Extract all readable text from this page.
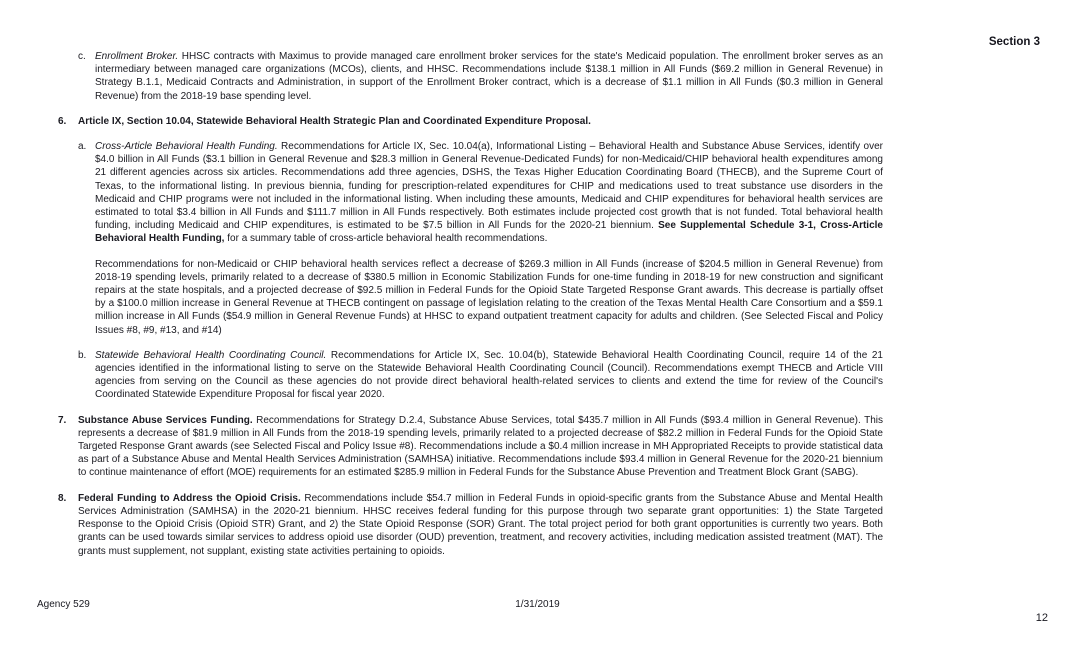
Section 3
c. Enrollment Broker. HHSC contracts with Maximus to provide managed care enrollment broker services for the state's Medicaid population. The enrollment broker serves as an intermediary between managed care organizations (MCOs), clients, and HHSC. Recommendations include $138.1 million in All Funds ($69.2 million in General Revenue) in Strategy B.1.1, Medicaid Contracts and Administration, in support of the Enrollment Broker contract, which is a decrease of $1.1 million in All Funds ($0.3 million in General Revenue) from the 2018-19 base spending level.
6.	Article IX, Section 10.04, Statewide Behavioral Health Strategic Plan and Coordinated Expenditure Proposal.
a. Cross-Article Behavioral Health Funding. Recommendations for Article IX, Sec. 10.04(a), Informational Listing – Behavioral Health and Substance Abuse Services, identify over $4.0 billion in All Funds ($3.1 billion in General Revenue and $28.3 million in General Revenue-Dedicated Funds) for non-Medicaid/CHIP behavioral health expenditures among 21 different agencies across six articles. Recommendations add three agencies, DSHS, the Texas Higher Education Coordinating Board (THECB), and the Supreme Court of Texas, to the informational listing. In previous biennia, funding for prescription-related expenditures for CHIP and medications used to treat substance use disorders in the Medicaid and CHIP programs were not included in the informational listing. When including these amounts, Medicaid and CHIP expenditures for behavioral health services are estimated to total $3.4 billion in All Funds and $111.7 million in All Funds respectively. Both estimates include projected cost growth that is not funded. Total behavioral health funding, including Medicaid and CHIP expenditures, is estimated to be $7.5 billion in All Funds for the 2020-21 biennium. See Supplemental Schedule 3-1, Cross-Article Behavioral Health Funding, for a summary table of cross-article behavioral health recommendations.
Recommendations for non-Medicaid or CHIP behavioral health services reflect a decrease of $269.3 million in All Funds (increase of $204.5 million in General Revenue) from 2018-19 spending levels, primarily related to a decrease of $380.5 million in Economic Stabilization Funds for one-time funding in 2018-19 for new construction and significant repairs at the state hospitals, and a projected decrease of $92.5 million in Federal Funds for the Opioid State Targeted Response Grant awards. This decrease is partially offset by a $100.0 million increase in General Revenue at THECB contingent on passage of legislation relating to the creation of the Texas Mental Health Care Consortium and a $59.1 million increase in All Funds ($54.9 million in General Revenue Funds) at HHSC to expand outpatient treatment capacity for adults and children. (See Selected Fiscal and Policy Issues #8, #9, #13, and #14)
b. Statewide Behavioral Health Coordinating Council. Recommendations for Article IX, Sec. 10.04(b), Statewide Behavioral Health Coordinating Council, require 14 of the 21 agencies identified in the informational listing to serve on the Statewide Behavioral Health Coordinating Council (Council). Recommendations exempt THECB and Article VIII agencies from serving on the Council as these agencies do not provide direct behavioral health-related services to clients and extend the time for review of the Council's Coordinated Statewide Expenditure Proposal for fiscal year 2020.
7.	Substance Abuse Services Funding. Recommendations for Strategy D.2.4, Substance Abuse Services, total $435.7 million in All Funds ($93.4 million in General Revenue). This represents a decrease of $81.9 million in All Funds from the 2018-19 spending levels, primarily related to a projected decrease of $82.2 million in Federal Funds for the Opioid State Targeted Response Grant awards (see Selected Fiscal and Policy Issue #8). Recommendations include a $0.4 million increase in MH Appropriated Receipts to provide statistical data as part of a Substance Abuse and Mental Health Services Administration (SAMHSA) initiative. Recommendations include $93.4 million in General Revenue for the 2020-21 biennium to continue maintenance of effort (MOE) requirements for an estimated $285.9 million in Federal Funds for the Substance Abuse Prevention and Treatment Block Grant (SABG).
8.	Federal Funding to Address the Opioid Crisis. Recommendations include $54.7 million in Federal Funds in opioid-specific grants from the Substance Abuse and Mental Health Services Administration (SAMHSA) in the 2020-21 biennium. HHSC receives federal funding for this purpose through two separate grant opportunities: 1) the State Targeted Response to the Opioid Crisis (Opioid STR) Grant, and 2) the State Opioid Response (SOR) Grant. The total project period for both grant opportunities is currently two years. Both grants can be used towards similar services to address opioid use disorder (OUD) prevention, treatment, and recovery activities, including medication assisted treatment (MAT). The grants must supplement, not supplant, existing state activities pertaining to opioids.
Agency 529	1/31/2019
12
